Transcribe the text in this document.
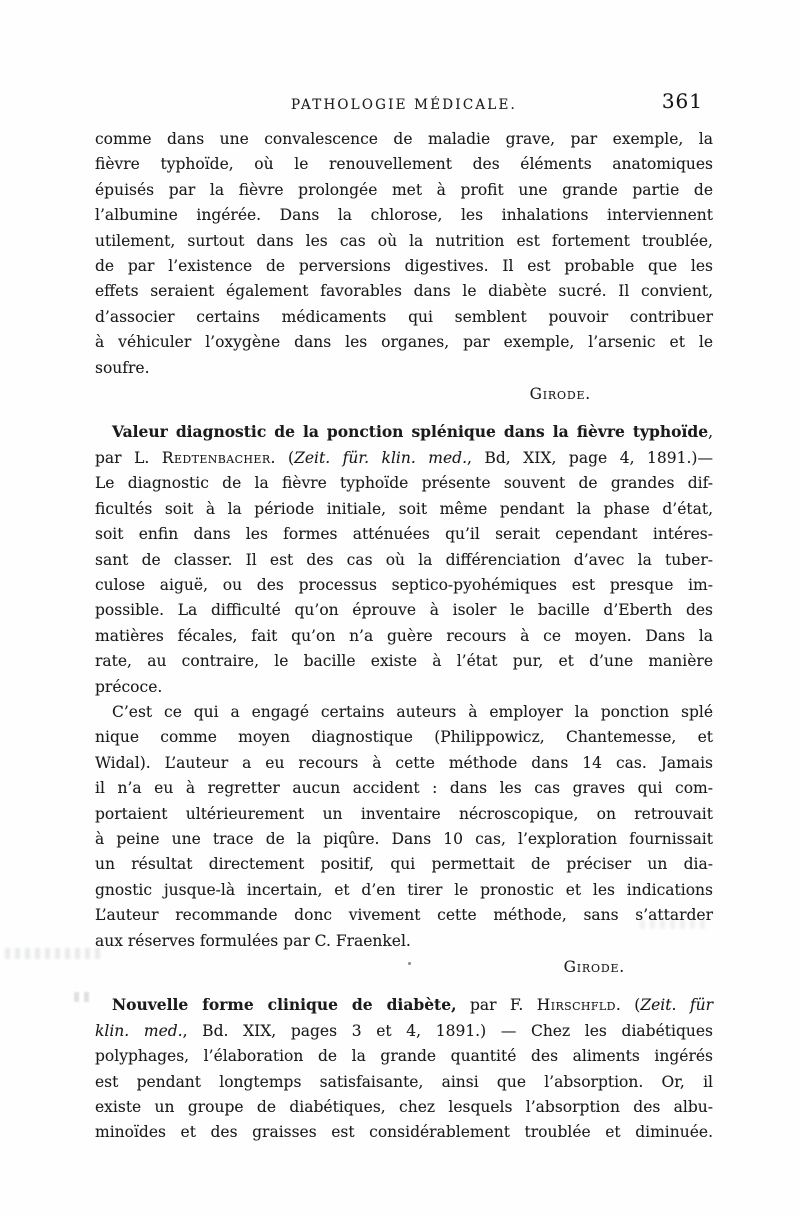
PATHOLOGIE MÉDICALE.	361
comme dans une convalescence de maladie grave, par exemple, la
fièvre typhoïde, où le renouvellement des éléments anatomiques
épuisés par la fièvre prolongée met à profit une grande partie de
l’albumine ingérée. Dans la chlorose, les inhalations interviennent
utilement, surtout dans les cas où la nutrition est fortement troublée,
de par l’existence de perversions digestives. Il est probable que les
effets seraient également favorables dans le diabète sucré. Il convient,
d’associer certains médicaments qui semblent pouvoir contribuer
à véhiculer l’oxygène dans les organes, par exemple, l’arsenic et le
soufre.
Girode.
Valeur diagnostic de la ponction splénique dans la fièvre typhoïde,
par L. Redtenbacher. (Zeit. für. klin. med., Bd, XIX, page 4, 1891.)—
Le diagnostic de la fièvre typhoïde présente souvent de grandes dif-
ficultés soit à la période initiale, soit même pendant la phase d’état,
soit enfin dans les formes atténuées qu’il serait cependant intéres-
sant de classer. Il est des cas où la différenciation d’avec la tuber-
culose aiguë, ou des processus septico-pyohémiques est presque im-
possible. La difficulté qu’on éprouve à isoler le bacille d’Eberth des
matières fécales, fait qu’on n’a guère recours à ce moyen. Dans la
rate, au contraire, le bacille existe à l’état pur, et d’une manière
précoce.
C’est ce qui a engagé certains auteurs à employer la ponction splé
nique comme moyen diagnostique (Philippowicz, Chantemesse, et
Widal). L’auteur a eu recours à cette méthode dans 14 cas. Jamais
il n’a eu à regretter aucun accident : dans les cas graves qui com-
portaient ultérieurement un inventaire nécroscopique, on retrouvait
à peine une trace de la piqûre. Dans 10 cas, l’exploration fournissait
un résultat directement positif, qui permettait de préciser un dia-
gnostic jusque-là incertain, et d’en tirer le pronostic et les indications
L’auteur recommande donc vivement cette méthode, sans s’attarder
aux réserves formulées par C. Fraenkel.
Girode.
Nouvelle forme clinique de diabète, par F. Hirschfld. (Zeit. für
klin. med., Bd. XIX, pages 3 et 4, 1891.) — Chez les diabétiques
polyphages, l’élaboration de la grande quantité des aliments ingérés
est pendant longtemps satisfaisante, ainsi que l’absorption. Or, il
existe un groupe de diabétiques, chez lesquels l’absorption des albu-
minoïdes et des graisses est considérablement troublée et diminuée.
